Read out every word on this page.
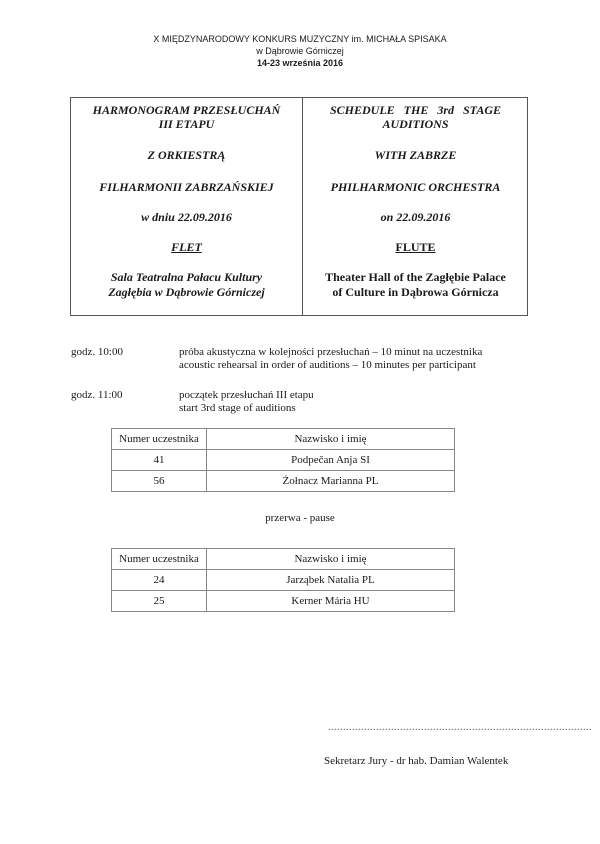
X MIĘDZYNARODOWY KONKURS MUZYCZNY im. MICHAŁA SPISAKA
w Dąbrowie Górniczej
14-23 września 2016
HARMONOGRAM PRZESŁUCHAŃ
III ETAPU
Z ORKIESTRĄ
FILHARMONII ZABRZAŃSKIEJ
w dniu 22.09.2016
FLET
Sala Teatralna Pałacu Kultury
Zagłębia w Dąbrowie Górniczej
SCHEDULE THE 3rd STAGE
AUDITIONS
WITH ZABRZE
PHILHARMONIC ORCHESTRA
on 22.09.2016
FLUTE
Theater Hall of the Zagłębie Palace
of Culture in Dąbrowa Górnicza
godz. 10:00	próba akustyczna w kolejności przesłuchań – 10 minut na uczestnika
acoustic rehearsal in order of auditions – 10 minutes per participant
godz. 11:00	początek przesłuchań III etapu
start 3rd stage of auditions
Numer uczestnika	Nazwisko i imię
41	Podpečan Anja SI
56	Żołnacz Marianna PL
przerwa - pause
Numer uczestnika	Nazwisko i imię
24	Jarząbek Natalia PL
25	Kerner Mária HU
........................................................................................
Sekretarz Jury - dr hab. Damian Walentek
